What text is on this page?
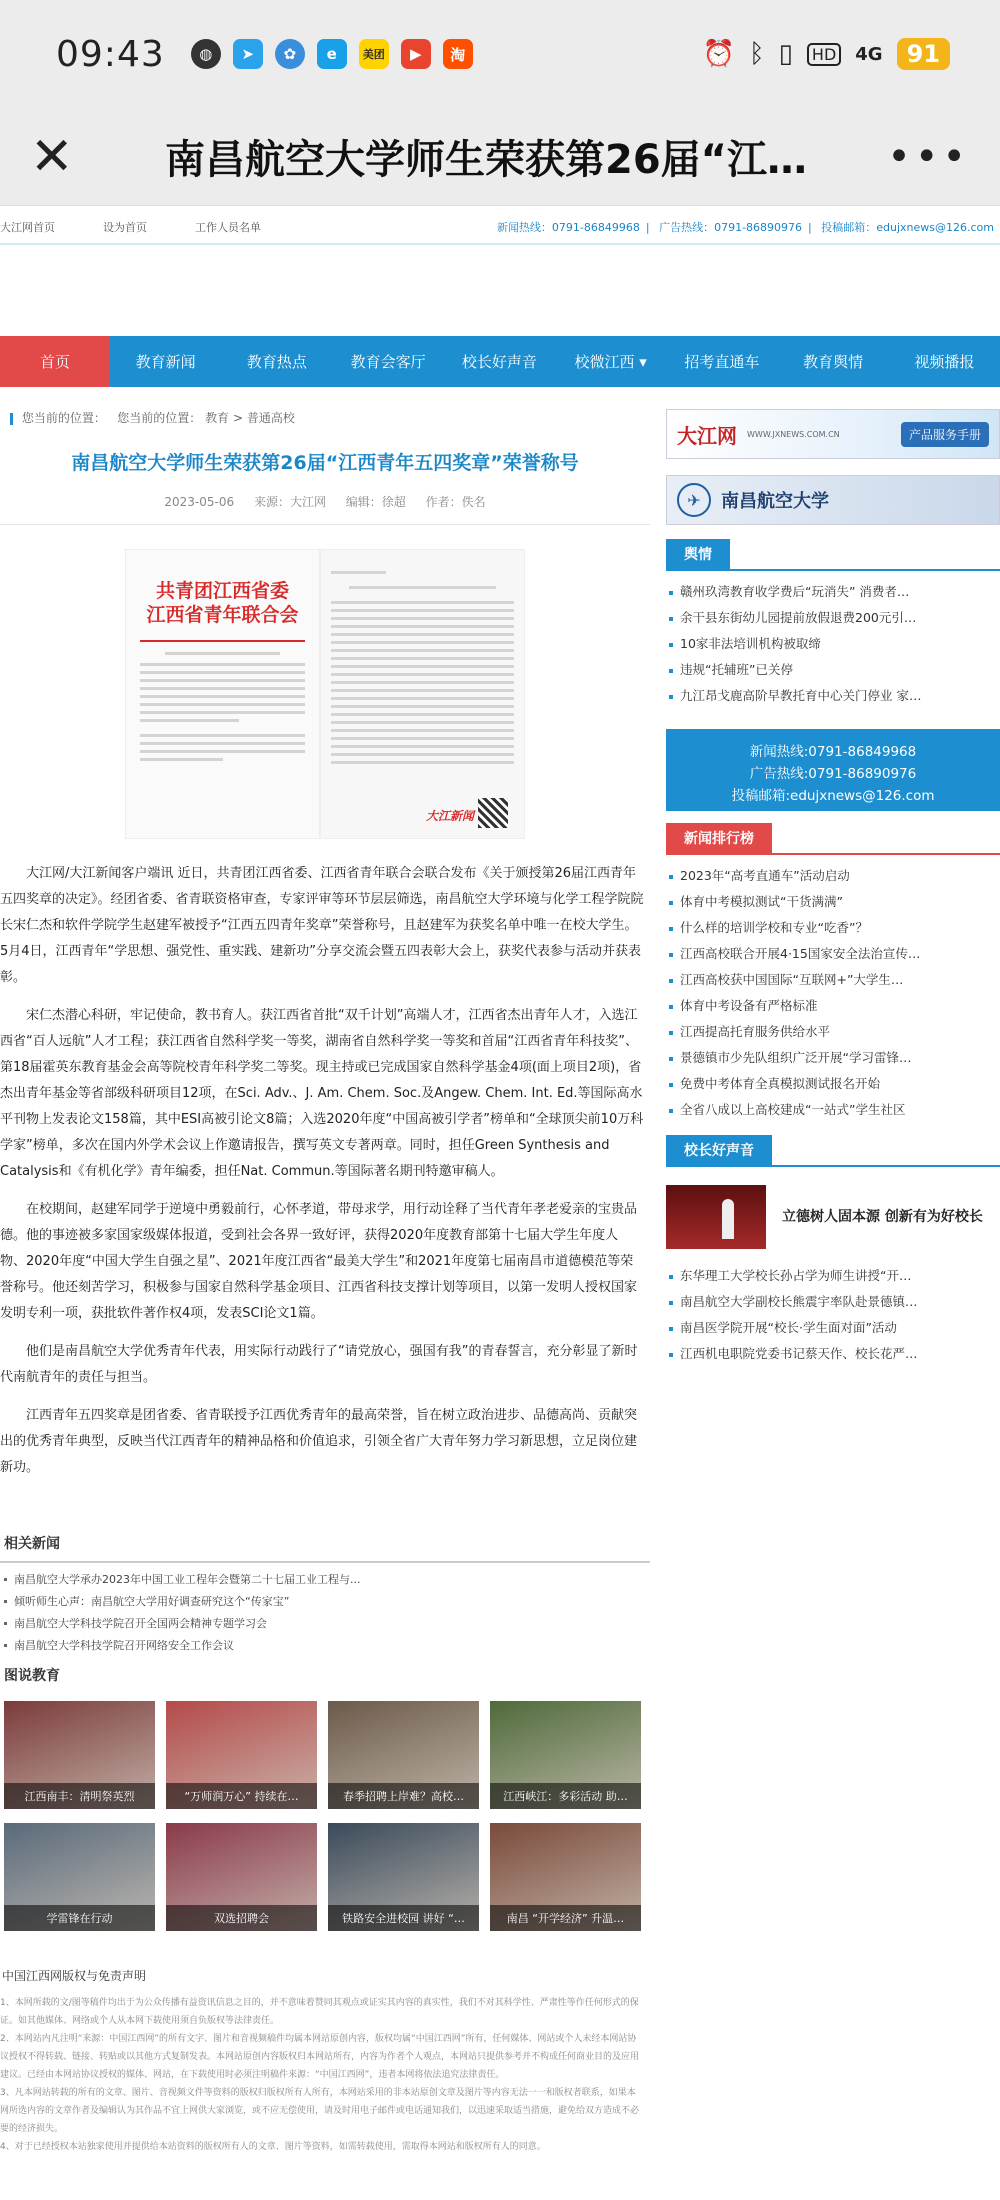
09:43	◍	➤	✿	e	美团	▶	淘	⏰ ᛒ ▯	HD 4G	91
✕	南昌航空大学师生荣获第26届“江…	•••
大江网首页	设为首页	工作人员名单	新闻热线：0791-86849968 | 广告热线：0791-86890976 | 投稿邮箱：edujxnews@126.com
首页	教育新闻	教育热点	教育会客厅	校长好声音	校微江西 ▾	招考直通车	教育舆情	视频播报
您当前的位置： 您当前的位置： 教育 > 普通高校
南昌航空大学师生荣获第26届“江西青年五四奖章”荣誉称号
2023-05-06 来源：大江网 编辑：徐超 作者：佚名
共青团江西省委
江西省青年联合会
大江新闻

大江网/大江新闻客户端讯 近日，共青团江西省委、江西省青年联合会联合发布《关于颁授第26届江西青年五四奖章的决定》。经团省委、省青联资格审查，专家评审等环节层层筛选，南昌航空大学环境与化学工程学院院长宋仁杰和软件学院学生赵建军被授予“江西五四青年奖章”荣誉称号，且赵建军为获奖名单中唯一在校大学生。5月4日，江西青年“学思想、强党性、重实践、建新功”分享交流会暨五四表彰大会上，获奖代表参与活动并获表彰。

宋仁杰潜心科研，牢记使命，教书育人。获江西省首批“双千计划”高端人才，江西省杰出青年人才，入选江西省“百人远航”人才工程；获江西省自然科学奖一等奖，湖南省自然科学奖一等奖和首届“江西省青年科技奖”、第18届霍英东教育基金会高等院校青年科学奖二等奖。现主持或已完成国家自然科学基金4项(面上项目2项)，省杰出青年基金等省部级科研项目12项，在Sci. Adv.、J. Am. Chem. Soc.及Angew. Chem. Int. Ed.等国际高水平刊物上发表论文158篇，其中ESI高被引论文8篇；入选2020年度“中国高被引学者”榜单和“全球顶尖前10万科学家”榜单，多次在国内外学术会议上作邀请报告，撰写英文专著两章。同时，担任Green Synthesis and Catalysis和《有机化学》青年编委，担任Nat. Commun.等国际著名期刊特邀审稿人。

在校期间，赵建军同学于逆境中勇毅前行，心怀孝道，带母求学，用行动诠释了当代青年孝老爱亲的宝贵品德。他的事迹被多家国家级媒体报道，受到社会各界一致好评，获得2020年度教育部第十七届大学生年度人物、2020年度“中国大学生自强之星”、2021年度江西省“最美大学生”和2021年度第七届南昌市道德模范等荣誉称号。他还刻苦学习，积极参与国家自然科学基金项目、江西省科技支撑计划等项目，以第一发明人授权国家发明专利一项，获批软件著作权4项，发表SCI论文1篇。

他们是南昌航空大学优秀青年代表，用实际行动践行了“请党放心，强国有我”的青春誓言，充分彰显了新时代南航青年的责任与担当。

江西青年五四奖章是团省委、省青联授予江西优秀青年的最高荣誉，旨在树立政治进步、品德高尚、贡献突出的优秀青年典型，反映当代江西青年的精神品格和价值追求，引领全省广大青年努力学习新思想，立足岗位建新功。

相关新闻
南昌航空大学承办2023年中国工业工程年会暨第二十七届工业工程与...
倾听师生心声：南昌航空大学用好调查研究这个“传家宝”
南昌航空大学科技学院召开全国两会精神专题学习会
南昌航空大学科技学院召开网络安全工作会议
图说教育
江西南丰：清明祭英烈	“万师润万心” 持续在…	春季招聘上岸难？高校…	江西峡江：多彩活动 助…
学雷锋在行动	双选招聘会	铁路安全进校园 讲好 “…	南昌 “开学经济” 升温…
中国江西网版权与免责声明

1、本网所载的文/图等稿件均出于为公众传播有益资讯信息之目的，并不意味着赞同其观点或证实其内容的真实性，我们不对其科学性、严肃性等作任何形式的保证。如其他媒体、网络或个人从本网下载使用须自负版权等法律责任。

2、本网站内凡注明“来源：中国江西网”的所有文字、图片和音视频稿件均属本网站原创内容，版权均属“中国江西网”所有，任何媒体、网站或个人未经本网站协议授权不得转载、链接、转贴或以其他方式复制发表。本网站原创内容版权归本网站所有，内容为作者个人观点，本网站只提供参考并不构成任何商业目的及应用建议。已经由本网站协议授权的媒体、网站，在下载使用时必须注明稿件来源：“中国江西网”，违者本网将依法追究法律责任。

3、凡本网站转载的所有的文章、图片、音视频文件等资料的版权归版权所有人所有，本网站采用的非本站原创文章及图片等内容无法一一和版权者联系，如果本网所选内容的文章作者及编辑认为其作品不宜上网供大家浏览，或不应无偿使用，请及时用电子邮件或电话通知我们，以迅速采取适当措施，避免给双方造成不必要的经济损失。

4、对于已经授权本站独家使用并提供给本站资料的版权所有人的文章、图片等资料，如需转载使用，需取得本网站和版权所有人的同意。

大江网 WWW.JXNEWS.COM.CN	产品服务手册
✈	南昌航空大学
舆情
赣州玖湾教育收学费后“玩消失” 消费者…
余干县东街幼儿园提前放假退费200元引…
10家非法培训机构被取缔
违规“托辅班”已关停
九江昂戈鹿高阶早教托育中心关门停业 家…
新闻热线:0791-86849968
广告热线:0791-86890976
投稿邮箱:edujxnews@126.com
新闻排行榜
2023年“高考直通车”活动启动
体育中考模拟测试“干货满满”
什么样的培训学校和专业“吃香”？
江西高校联合开展4·15国家安全法治宣传…
江西高校获中国国际“互联网+”大学生…
体育中考设备有严格标准
江西提高托育服务供给水平
景德镇市少先队组织广泛开展“学习雷锋…
免费中考体育全真模拟测试报名开始
全省八成以上高校建成“一站式”学生社区
校长好声音
立德树人固本源 创新有为好校长
东华理工大学校长孙占学为师生讲授“开…
南昌航空大学副校长熊震宇率队赴景德镇…
南昌医学院开展“校长·学生面对面”活动
江西机电职院党委书记蔡天作、校长花严…
